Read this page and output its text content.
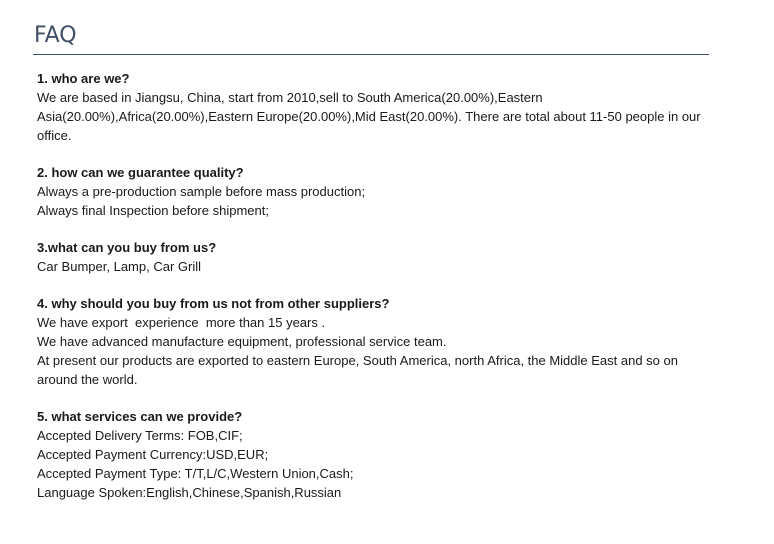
FAQ
1. who are we?
We are based in Jiangsu, China, start from 2010,sell to South America(20.00%),Eastern Asia(20.00%),Africa(20.00%),Eastern Europe(20.00%),Mid East(20.00%). There are total about 11-50 people in our office.
2. how can we guarantee quality?
Always a pre-production sample before mass production;
Always final Inspection before shipment;
3.what can you buy from us?
Car Bumper, Lamp, Car Grill
4. why should you buy from us not from other suppliers?
We have export  experience  more than 15 years .
We have advanced manufacture equipment, professional service team.
At present our products are exported to eastern Europe, South America, north Africa, the Middle East and so on around the world.
5. what services can we provide?
Accepted Delivery Terms: FOB,CIF;
Accepted Payment Currency:USD,EUR;
Accepted Payment Type: T/T,L/C,Western Union,Cash;
Language Spoken:English,Chinese,Spanish,Russian
